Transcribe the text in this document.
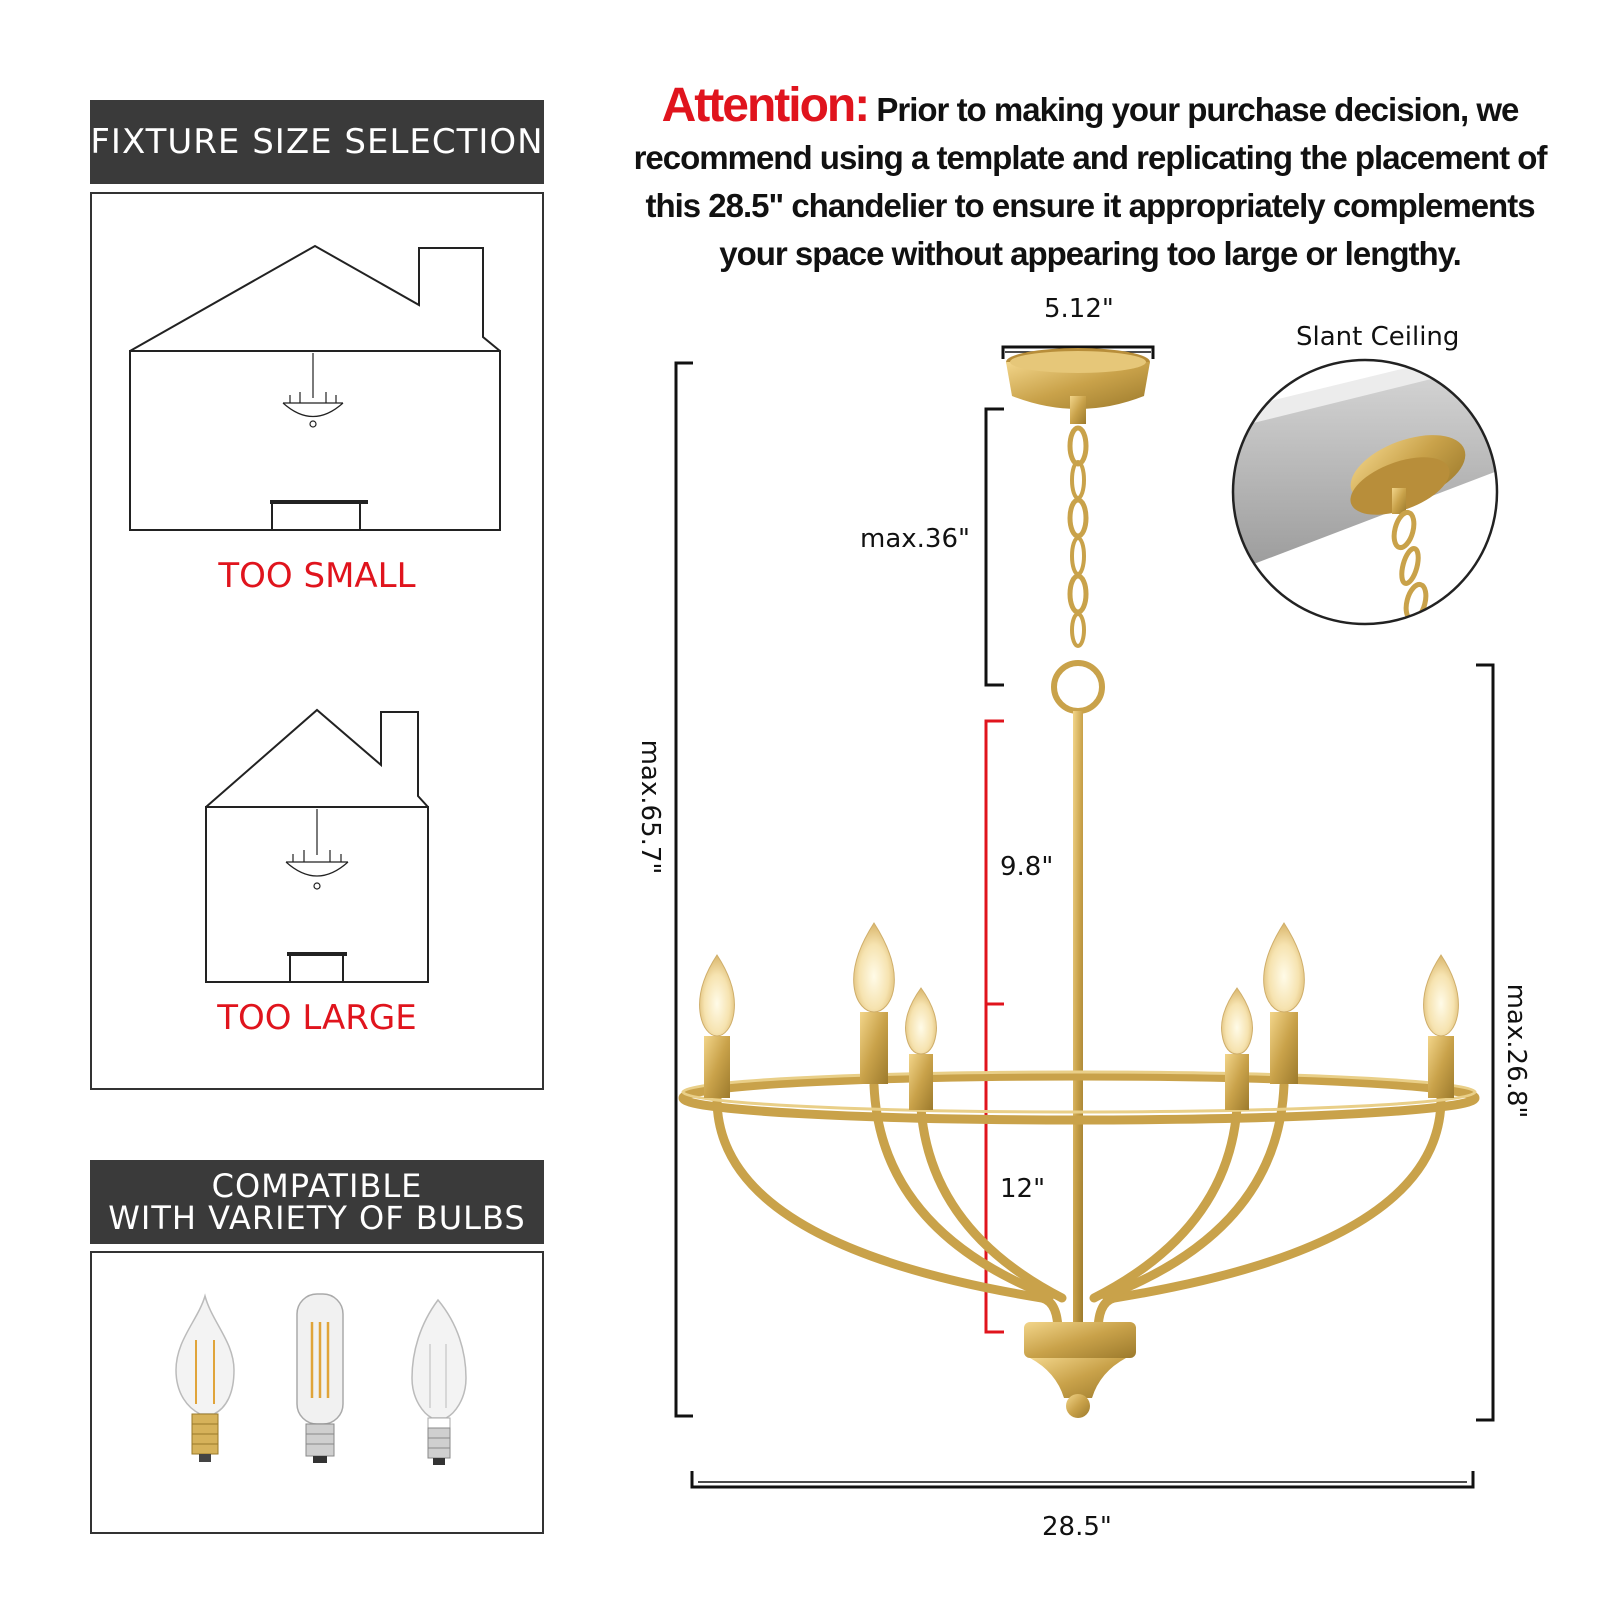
FIXTURE SIZE SELECTION
TOO SMALL
TOO LARGE
COMPATIBLE
WITH VARIETY OF BULBS
Attention: Prior to making your purchase decision, we recommend using a template and replicating the placement of this 28.5" chandelier to ensure it appropriately complements your space without appearing too large or lengthy.
5.12"
Slant Ceiling
max.36"
9.8"
12"
28.5"
max.65.7"
max.26.8"
